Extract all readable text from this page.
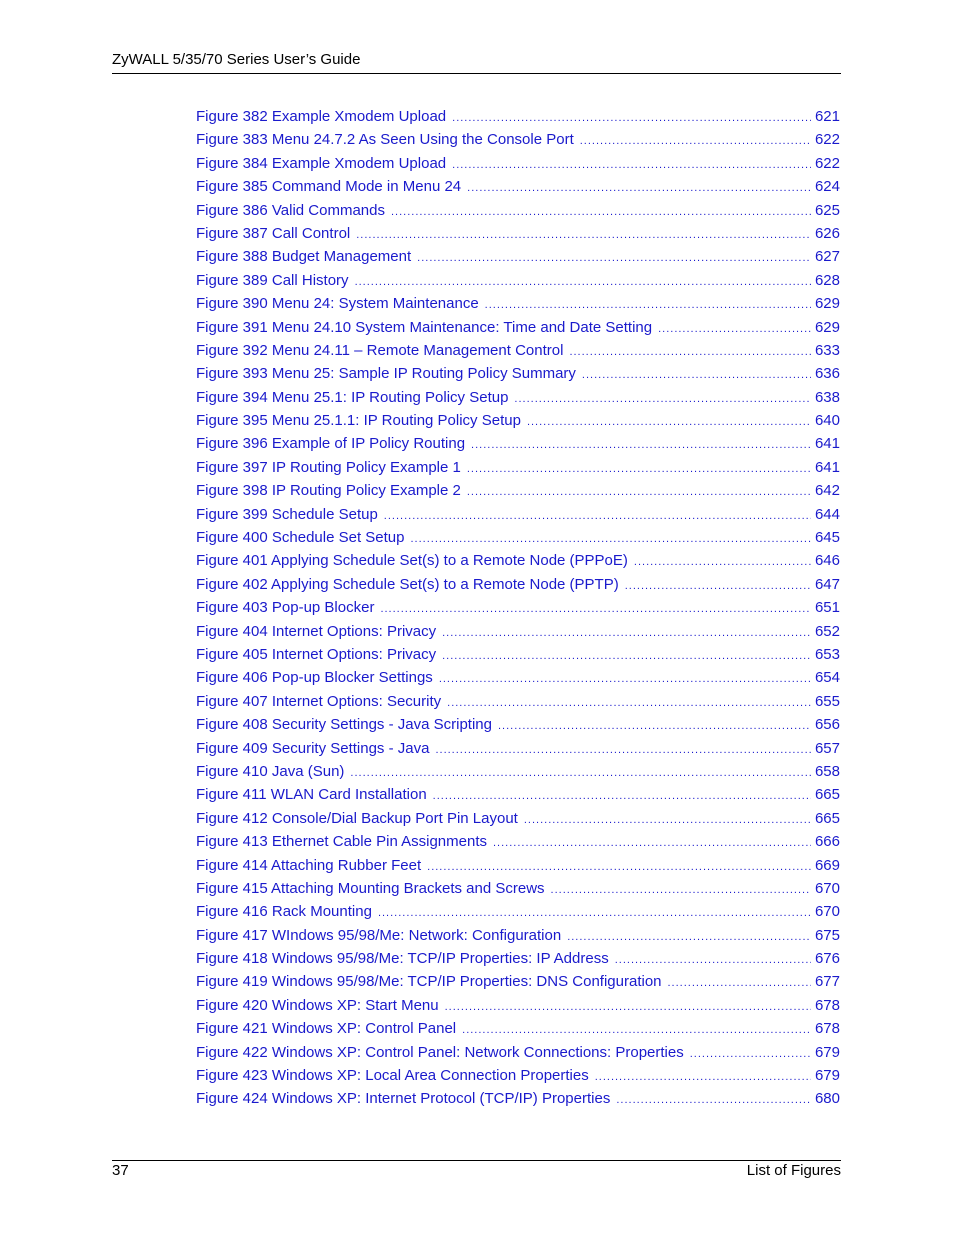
ZyWALL 5/35/70 Series User’s Guide
Figure 382 Example Xmodem Upload .....	621
Figure 383 Menu 24.7.2 As Seen Using the Console Port .....	622
Figure 384 Example Xmodem Upload .....	622
Figure 385 Command Mode in Menu 24 .....	624
Figure 386 Valid Commands .....	625
Figure 387 Call Control .....	626
Figure 388 Budget Management .....	627
Figure 389 Call History .....	628
Figure 390 Menu 24: System Maintenance .....	629
Figure 391 Menu 24.10 System Maintenance: Time and Date Setting .....	629
Figure 392 Menu 24.11 – Remote Management Control .....	633
Figure 393 Menu 25: Sample IP Routing Policy Summary .....	636
Figure 394 Menu 25.1: IP Routing Policy Setup .....	638
Figure 395 Menu 25.1.1: IP Routing Policy Setup .....	640
Figure 396 Example of IP Policy Routing .....	641
Figure 397 IP Routing Policy Example 1 .....	641
Figure 398 IP Routing Policy Example 2 .....	642
Figure 399 Schedule Setup .....	644
Figure 400 Schedule Set Setup .....	645
Figure 401 Applying Schedule Set(s) to a Remote Node (PPPoE) .....	646
Figure 402 Applying Schedule Set(s) to a Remote Node (PPTP) .....	647
Figure 403 Pop-up Blocker .....	651
Figure 404 Internet Options: Privacy .....	652
Figure 405 Internet Options: Privacy .....	653
Figure 406 Pop-up Blocker Settings .....	654
Figure 407 Internet Options: Security .....	655
Figure 408 Security Settings - Java Scripting .....	656
Figure 409 Security Settings - Java .....	657
Figure 410 Java (Sun) .....	658
Figure 411 WLAN Card Installation .....	665
Figure 412 Console/Dial Backup Port Pin Layout .....	665
Figure 413 Ethernet Cable Pin Assignments .....	666
Figure 414 Attaching Rubber Feet .....	669
Figure 415 Attaching Mounting Brackets and Screws .....	670
Figure 416 Rack Mounting .....	670
Figure 417 WIndows 95/98/Me: Network: Configuration .....	675
Figure 418 Windows 95/98/Me: TCP/IP Properties: IP Address .....	676
Figure 419 Windows 95/98/Me: TCP/IP Properties: DNS Configuration .....	677
Figure 420 Windows XP: Start Menu .....	678
Figure 421 Windows XP: Control Panel .....	678
Figure 422 Windows XP: Control Panel: Network Connections: Properties .....	679
Figure 423 Windows XP: Local Area Connection Properties .....	679
Figure 424 Windows XP: Internet Protocol (TCP/IP) Properties .....	680
37	List of Figures
